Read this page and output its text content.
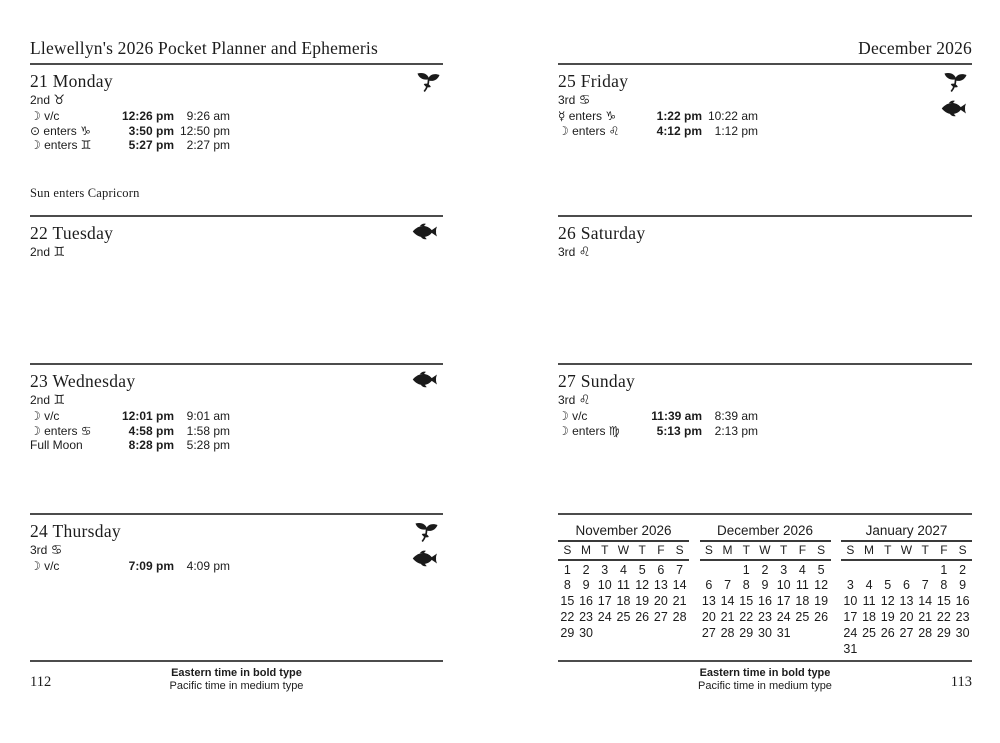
Llewellyn's 2026 Pocket Planner and Ephemeris
21 Monday
2nd ♉
☽ v/c	12:26 pm	9:26 am
⊙ enters ♑	3:50 pm 12:50 pm
☽ enters ♊	5:27 pm	2:27 pm
Sun enters Capricorn
22 Tuesday
2nd ♊
23 Wednesday
2nd ♊
☽ v/c	12:01 pm	9:01 am
☽ enters ♋	4:58 pm	1:58 pm
Full Moon	8:28 pm	5:28 pm
24 Thursday
3rd ♋
☽ v/c	7:09 pm	4:09 pm
Eastern time in bold type
Pacific time in medium type
112
December 2026
25 Friday
3rd ♋
☿ enters ♑	1:22 pm 10:22 am
☽ enters ♌	4:12 pm	1:12 pm
26 Saturday
3rd ♌
27 Sunday
3rd ♌
☽ v/c	11:39 am	8:39 am
☽ enters ♍	5:13 pm	2:13 pm
November 2026
S	M	T	W	T	F	S
1	2	3	4	5	6	7
8	9	10	11	12	13	14
15	16	17	18	19	20	21
22	23	24	25	26	27	28
29	30					
December 2026
S	M	T	W	T	F	S
		1	2	3	4	5
6	7	8	9	10	11	12
13	14	15	16	17	18	19
20	21	22	23	24	25	26
27	28	29	30	31		
January 2027
S	M	T	W	T	F	S
					1	2
3	4	5	6	7	8	9
10	11	12	13	14	15	16
17	18	19	20	21	22	23
24	25	26	27	28	29	30
31						
Eastern time in bold type
Pacific time in medium type	113
